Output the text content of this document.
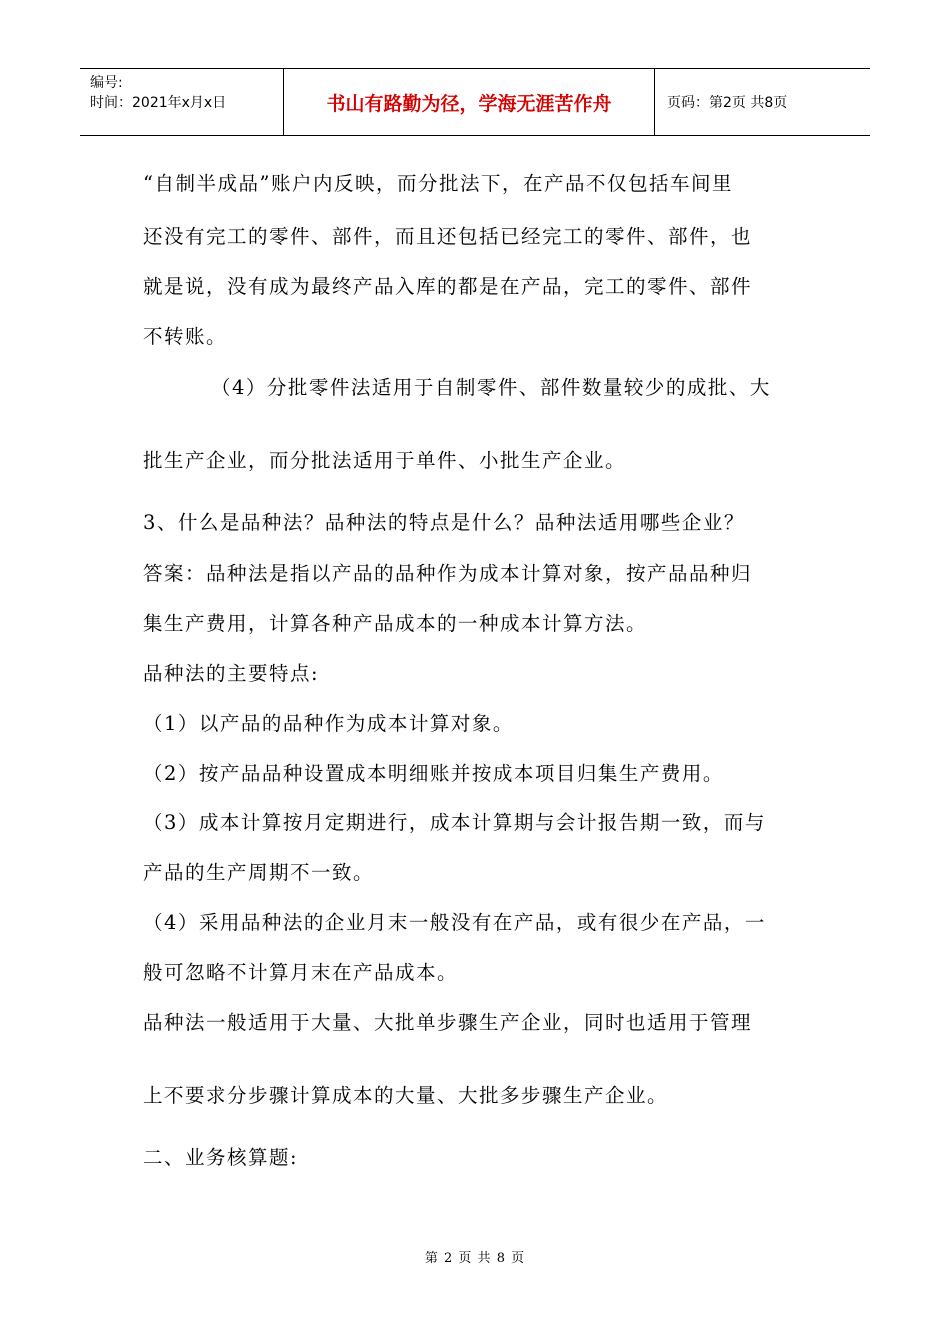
编号:
时间：2021年x月x日	书山有路勤为径，学海无涯苦作舟	页码：第2页 共8页
“自制半成品”账户内反映，而分批法下，在产品不仅包括车间里
还没有完工的零件、部件，而且还包括已经完工的零件、部件，也
就是说，没有成为最终产品入库的都是在产品，完工的零件、部件
不转账。
（4）分批零件法适用于自制零件、部件数量较少的成批、大
批生产企业，而分批法适用于单件、小批生产企业。
3、什么是品种法？品种法的特点是什么？品种法适用哪些企业？
答案：品种法是指以产品的品种作为成本计算对象，按产品品种归
集生产费用，计算各种产品成本的一种成本计算方法。
品种法的主要特点:
（1）以产品的品种作为成本计算对象。
（2）按产品品种设置成本明细账并按成本项目归集生产费用。
（3）成本计算按月定期进行，成本计算期与会计报告期一致，而与
产品的生产周期不一致。
（4）采用品种法的企业月末一般没有在产品，或有很少在产品，一
般可忽略不计算月末在产品成本。
品种法一般适用于大量、大批单步骤生产企业，同时也适用于管理
上不要求分步骤计算成本的大量、大批多步骤生产企业。
二、业务核算题:
第 2 页 共 8 页
